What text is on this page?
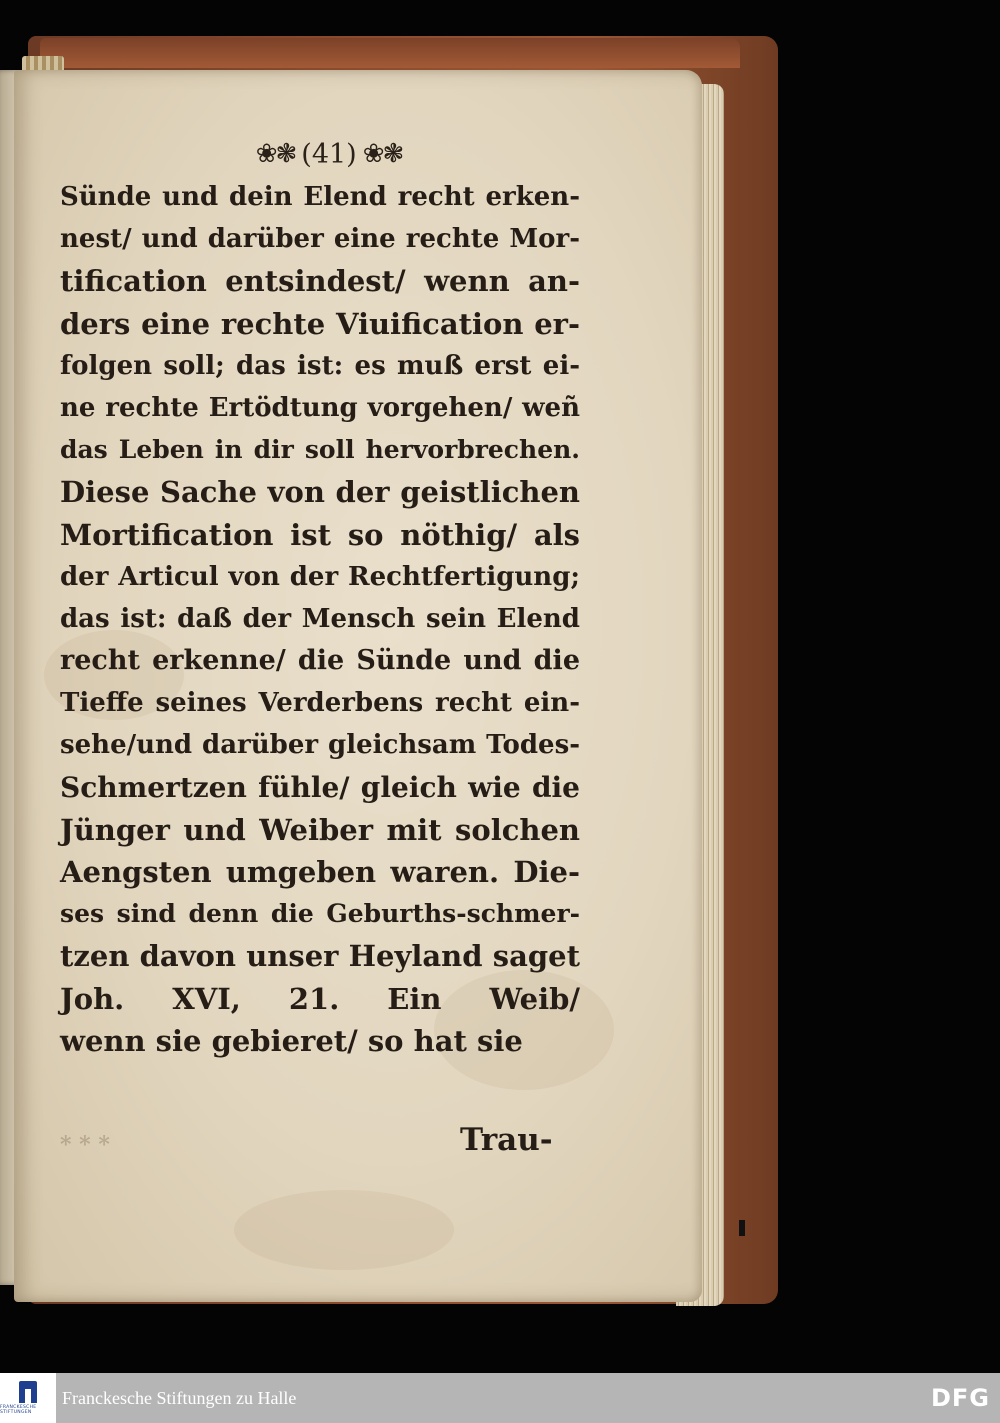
❀❃ (41) ❀❃
Sünde und dein Elend recht erken-
nest/ und darüber eine rechte Mor-
tification entsindest/ wenn an-
ders eine rechte Viuification er-
folgen soll; das ist: es muß erst ei-
ne rechte Ertödtung vorgehen/ weñ
das Leben in dir soll hervorbrechen.
Diese Sache von der geistlichen
Mortification ist so nöthig/ als
der Articul von der Rechtfertigung;
das ist: daß der Mensch sein Elend
recht erkenne/ die Sünde und die
Tieffe seines Verderbens recht ein-
sehe/und darüber gleichsam Todes-
Schmertzen fühle/ gleich wie die
Jünger und Weiber mit solchen
Aengsten umgeben waren. Die-
ses sind denn die Geburths-schmer-
tzen davon unser Heyland saget
Joh. XVI, 21. Ein Weib/
wenn sie gebieret/ so hat sie
* * *	Trau-
FRANCKESCHE STIFTUNGEN
Franckesche Stiftungen zu Halle	DFG
